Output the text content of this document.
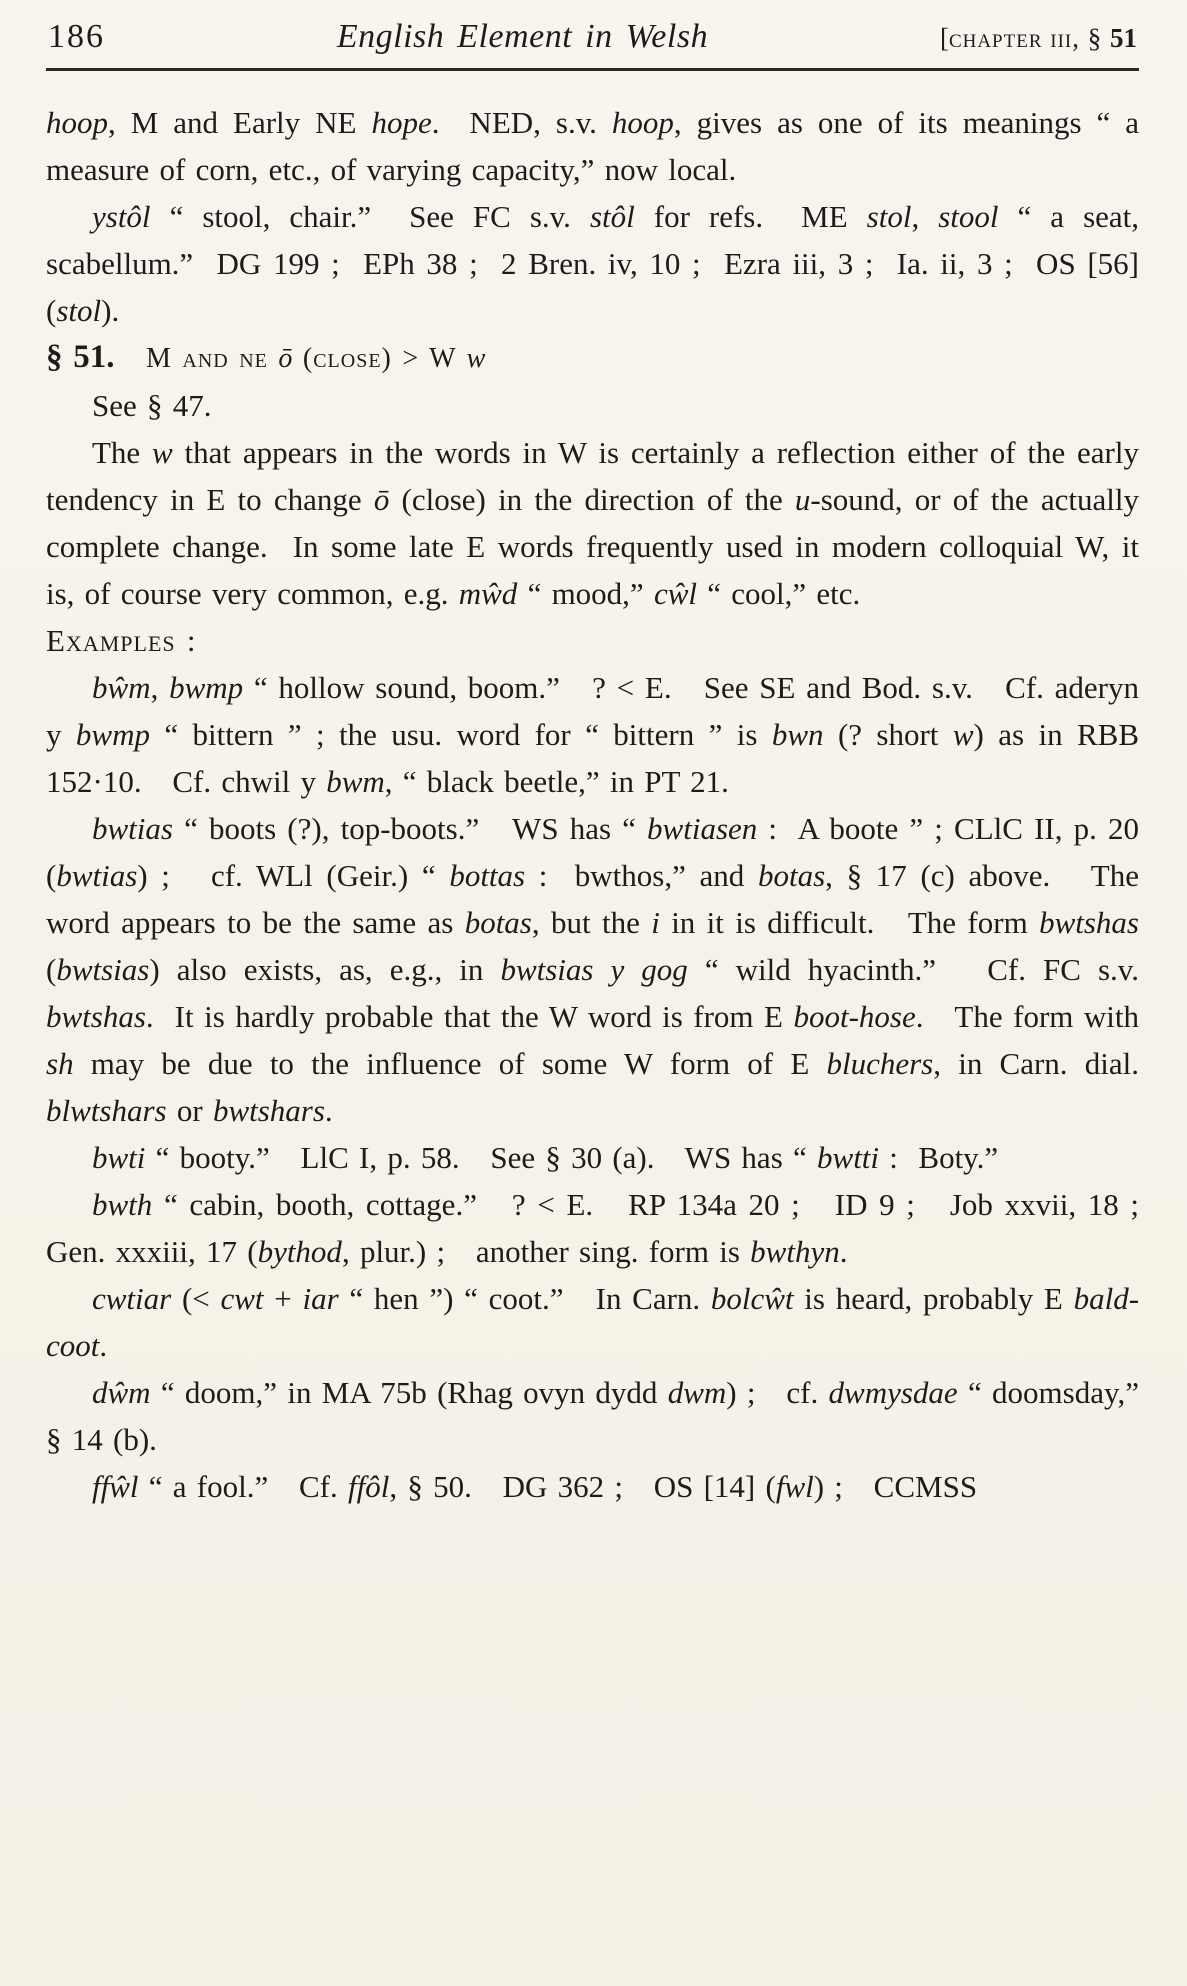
186	English Element in Welsh	[chapter iii, § 51

hoop, M and Early NE hope.  NED, s.v. hoop, gives as one of its meanings “ a measure of corn, etc., of varying capacity,” now local.

ystôl “ stool, chair.”  See FC s.v. stôl for refs.  ME stol, stool “ a seat, scabellum.”  DG 199 ;  EPh 38 ;  2 Bren. iv, 10 ;  Ezra iii, 3 ;  Ia. ii, 3 ;  OS [56] (stol).

§ 51.   M and ne ō (close) > W w

See § 47.

The w that appears in the words in W is certainly a reflection either of the early tendency in E to change ō (close) in the direction of the u-sound, or of the actually complete change.  In some late E words frequently used in modern colloquial W, it is, of course very common, e.g. mŵd “ mood,” cŵl “ cool,” etc.

Examples :

bŵm, bwmp “ hollow sound, boom.”   ? < E.   See SE and Bod. s.v.   Cf. aderyn y bwmp “ bittern ” ; the usu. word for “ bittern ” is bwn (? short w) as in RBB 152·10.   Cf. chwil y bwm, “ black beetle,” in PT 21.

bwtias “ boots (?), top-boots.”   WS has “ bwtiasen :  A boote ” ; CLlC II, p. 20 (bwtias) ;   cf. WLl (Geir.) “ bottas :  bwthos,” and botas, § 17 (c) above.   The word appears to be the same as botas, but the i in it is difficult.   The form bwtshas (bwtsias) also exists, as, e.g., in bwtsias y gog “ wild hyacinth.”   Cf. FC s.v. bwtshas.  It is hardly probable that the W word is from E boot-hose.   The form with sh may be due to the influence of some W form of E bluchers, in Carn. dial. blwtshars or bwtshars.

bwti “ booty.”   LlC I, p. 58.   See § 30 (a).   WS has “ bwtti :  Boty.”

bwth “ cabin, booth, cottage.”   ? < E.   RP 134a 20 ;   ID 9 ;   Job xxvii, 18 ;   Gen. xxxiii, 17 (bythod, plur.) ;   another sing. form is bwthyn.

cwtiar (< cwt + iar “ hen ”) “ coot.”   In Carn. bolcŵt is heard, probably E bald-coot.

dŵm “ doom,” in MA 75b (Rhag ovyn dydd dwm) ;   cf. dwmysdae “ doomsday,” § 14 (b).

ffŵl “ a fool.”   Cf. ffôl, § 50.   DG 362 ;   OS [14] (fwl) ;   CCMSS
